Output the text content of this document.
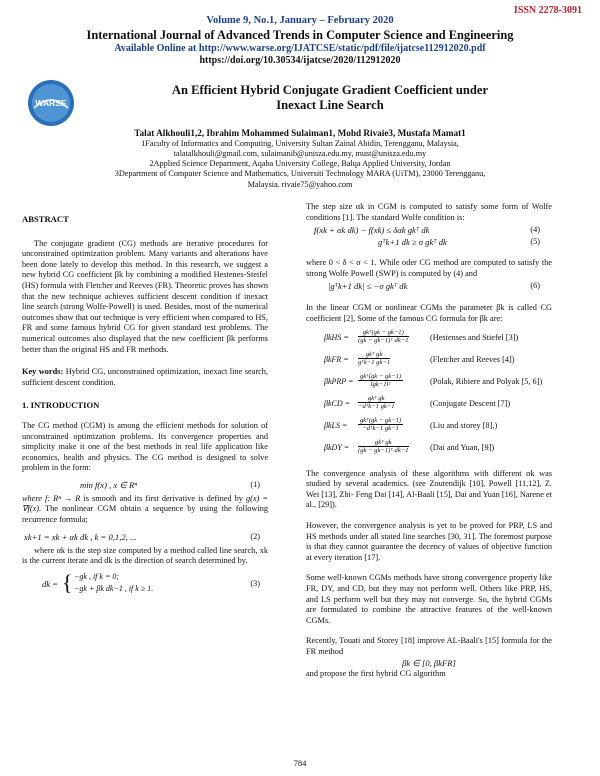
ISSN 2278-3091
Volume 9, No.1, January – February 2020
International Journal of Advanced Trends in Computer Science and Engineering
Available Online at http://www.warse.org/IJATCSE/static/pdf/file/ijatcse112912020.pdf
https://doi.org/10.30534/ijatcse/2020/112912020
WARSE
An Efficient Hybrid Conjugate Gradient Coefficient under
Inexact Line Search
Talat Alkhouli1,2, Ibrahim Mohammed Sulaiman1, Mohd Rivaie3, Mustafa Mamat1
1Faculty of Informatics and Computing, University Sultan Zainal Abidin, Terengganu, Malaysia,
talatalkhouli@gmail.com, sulaimanib@unisza.edu.my, must@unisza.edu.my
2Applied Science Department, Aqaba University College, Balqa Applied University, Jordan
3Department of Computer Science and Mathematics, Universiti Technology MARA (UiTM), 23000 Terengganu,
Malaysia. rivaie75@yahoo.com
ABSTRACT
The conjugate gradient (CG) methods are iterative procedures for unconstrained optimization problem. Many variants and alterations have been done lately to develop this method. In this research, we suggest a new hybrid CG coefficient βk by combining a modified Hestenes-Steifel (HS) formula with Fletcher and Reeves (FR). Theoretic proves has shown that the new technique achieves sufficient descent condition if inexact line search (strong Wolfe-Powell) is used. Besides, most of the numerical outcomes show that our technique is very efficient when compared to HS, FR and some famous hybrid CG for given standard test problems. The numerical outcomes also displayed that the new coefficient βk performs better than the original HS and FR methods.
Key words: Hybrid CG, unconstrained optimization, inexact line search, sufficient descent condition.
1. INTRODUCTION
The CG method (CGM) is among the efficient methods for solution of unconstrained optimization problems. Its convergence properties and simplicity make it one of the best methods in real life application like economics, health and physics. The CG method is designed to solve problem in the form:
min f(x) , x ∈ Rⁿ	(1)
where f: Rⁿ → R is smooth and its first derivative is defined by g(x) = ∇f(x). The nonlinear CGM obtain a sequence by using the following recurrence formula;
xk+1 = xk + αk dk , k = 0,1,2, ...	(2)
where αk is the step size computed by a method called line search, xk is the current iterate and dk is the direction of search determined by.
dk = { −gk , if k = 0;
−gk + βk dk−1 , if k ≥ 1.
(3)
The step size αk in CGM is computed to satisfy some form of Wolfe conditions [1]. The standard Wolfe condition is:
f(xk + αk dk) − f(xk) ≤ δαk gkᵀ dk	(4)
gᵀk+1 dk ≥ σ gkᵀ dk	(5)
where 0 < δ < σ < 1. While oder CG method are computed to satisfy the strong Wolfe Powell (SWP) is computed by (4) and
|gᵀk+1 dk| ≤ −σ gkᵀ dk	(6)
In the linear CGM or nonlinear CGMs the parameter βk is called CG coefficient [2], Some of the famous CG formula for βk are:
βkHS =
gkᵀ(gk − gk−1)
(gk − gk−1)ᵀ dk−1	(Hestenses and Stiefel [3])
βkFR =
gkᵀ gk
gᵀk−1 gk−1	(Fletcher and Reeves [4])
βkPRP =
gkᵀ(gk − gk−1)
‖gk−1‖²	(Polak, Ribiere and Polyak [5, 6])
βkCD =
gkᵀ gk
−dᵀk−1 gk−1	(Conjugate Descent [7])
βkLS =
gkᵀ(gk − gk−1)
−dᵀk−1 gk−1	(Liu and storey [8],)
βkDY =
gkᵀ gk
(gk − gk−1)ᵀ dk−1	(Dai and Yuan, [9])
The convergence analysis of these algorithms with different αk was studied by several academics. (see Zoutendijk [10], Powell [11,12], Z. Wei [13], Zhi- Feng Dai [14], Al-Baali [15], Dai and Yuan [16], Narene et al., [29]).
However, the convergence analysis is yet to be proved for PRP, LS and HS methods under all stated line searches [30, 31]. The foremost purpose is that they cannot guarantee the decency of values of objective function at every iteration [17].
Some well-known CGMs methods have strong convergence property like FR, DY, and CD, but they may not perform well. Others like PRP, HS, and LS perform well but they may not converge. So, the hybrid CGMs are formulated to combine the attractive features of the well-known CGMs.
Recently, Touati and Storey [18] improve AL-Baali's [15] formula for the FR method
βk ∈ [0, βkFR]
and propose the first hybrid CG algorithm
784
